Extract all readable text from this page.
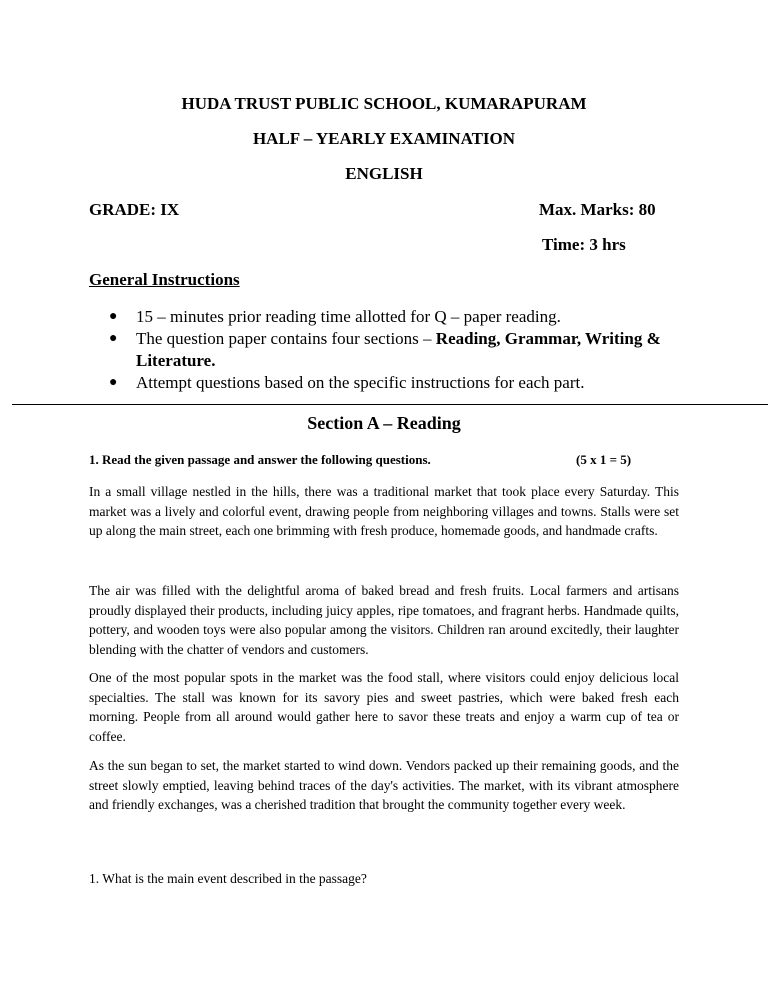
HUDA TRUST PUBLIC SCHOOL, KUMARAPURAM
HALF – YEARLY EXAMINATION
ENGLISH
GRADE: IX	Max. Marks: 80
Time: 3 hrs
General Instructions
● 15 – minutes prior reading time allotted for Q – paper reading.
● The question paper contains four sections – Reading, Grammar, Writing & Literature.
● Attempt questions based on the specific instructions for each part.
Section A – Reading
1. Read the given passage and answer the following questions.	(5 x 1 = 5)

In a small village nestled in the hills, there was a traditional market that took place every Saturday. This market was a lively and colorful event, drawing people from neighboring villages and towns. Stalls were set up along the main street, each one brimming with fresh produce, homemade goods, and handmade crafts.

The air was filled with the delightful aroma of baked bread and fresh fruits. Local farmers and artisans proudly displayed their products, including juicy apples, ripe tomatoes, and fragrant herbs. Handmade quilts, pottery, and wooden toys were also popular among the visitors. Children ran around excitedly, their laughter blending with the chatter of vendors and customers.

One of the most popular spots in the market was the food stall, where visitors could enjoy delicious local specialties. The stall was known for its savory pies and sweet pastries, which were baked fresh each morning. People from all around would gather here to savor these treats and enjoy a warm cup of tea or coffee.

As the sun began to set, the market started to wind down. Vendors packed up their remaining goods, and the street slowly emptied, leaving behind traces of the day's activities. The market, with its vibrant atmosphere and friendly exchanges, was a cherished tradition that brought the community together every week.

1. What is the main event described in the passage?
